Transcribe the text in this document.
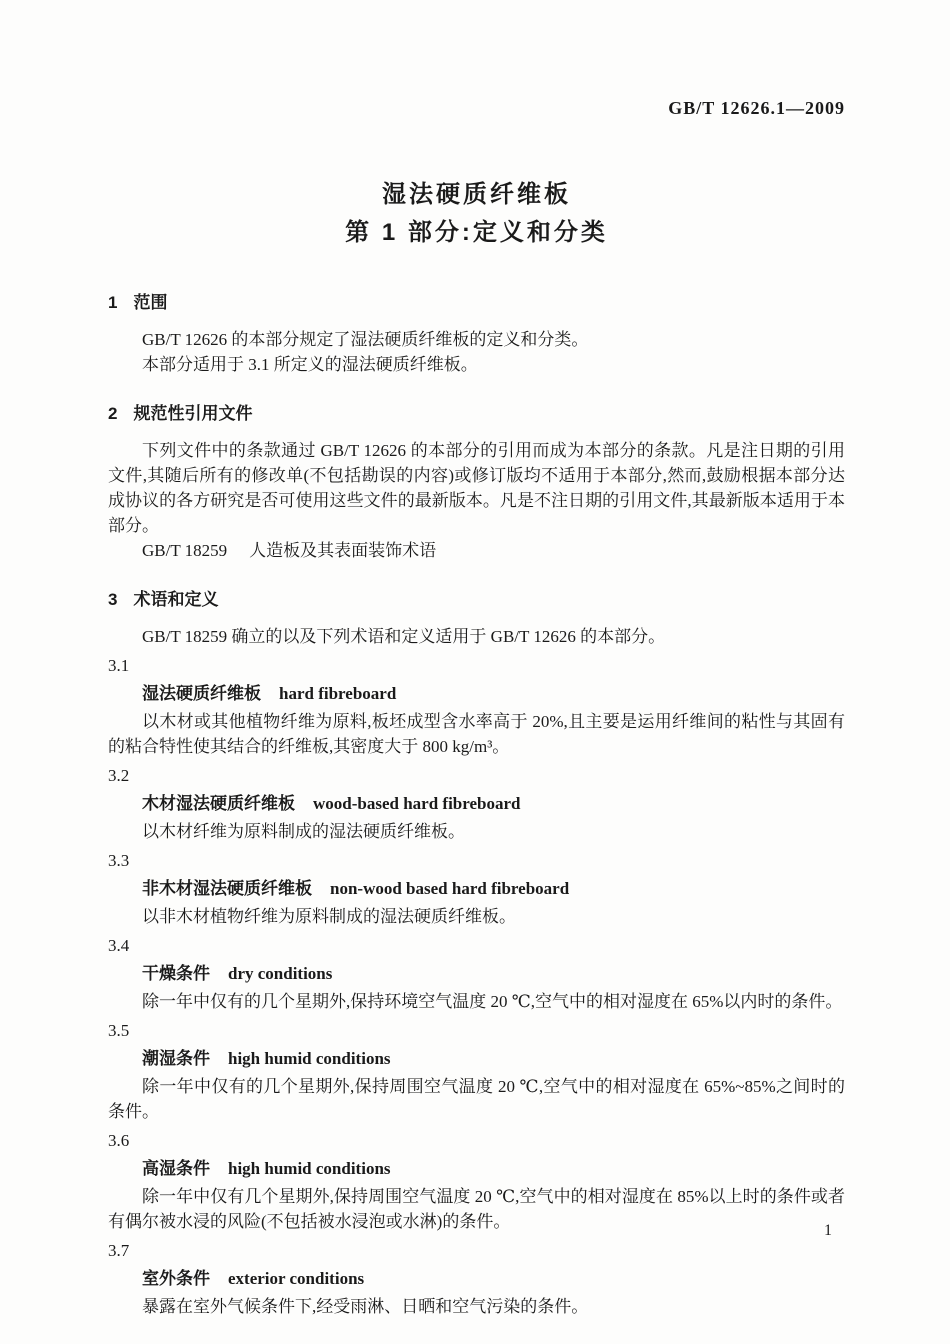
GB/T 12626.1—2009
湿法硬质纤维板
第 1 部分:定义和分类
1 范围

GB/T 12626 的本部分规定了湿法硬质纤维板的定义和分类。

本部分适用于 3.1 所定义的湿法硬质纤维板。

2 规范性引用文件

下列文件中的条款通过 GB/T 12626 的本部分的引用而成为本部分的条款。凡是注日期的引用文件,其随后所有的修改单(不包括勘误的内容)或修订版均不适用于本部分,然而,鼓励根据本部分达成协议的各方研究是否可使用这些文件的最新版本。凡是不注日期的引用文件,其最新版本适用于本部分。

GB/T 18259 人造板及其表面装饰术语

3 术语和定义

GB/T 18259 确立的以及下列术语和定义适用于 GB/T 12626 的本部分。

3.1
湿法硬质纤维板 hard fibreboard

以木材或其他植物纤维为原料,板坯成型含水率高于 20%,且主要是运用纤维间的粘性与其固有的粘合特性使其结合的纤维板,其密度大于 800 kg/m³。

3.2
木材湿法硬质纤维板 wood-based hard fibreboard

以木材纤维为原料制成的湿法硬质纤维板。

3.3
非木材湿法硬质纤维板 non-wood based hard fibreboard

以非木材植物纤维为原料制成的湿法硬质纤维板。

3.4
干燥条件 dry conditions

除一年中仅有的几个星期外,保持环境空气温度 20 ℃,空气中的相对湿度在 65%以内时的条件。

3.5
潮湿条件 high humid conditions

除一年中仅有的几个星期外,保持周围空气温度 20 ℃,空气中的相对湿度在 65%~85%之间时的条件。

3.6
高湿条件 high humid conditions

除一年中仅有几个星期外,保持周围空气温度 20 ℃,空气中的相对湿度在 85%以上时的条件或者有偶尔被水浸的风险(不包括被水浸泡或水淋)的条件。

3.7
室外条件 exterior conditions

暴露在室外气候条件下,经受雨淋、日晒和空气污染的条件。

1
